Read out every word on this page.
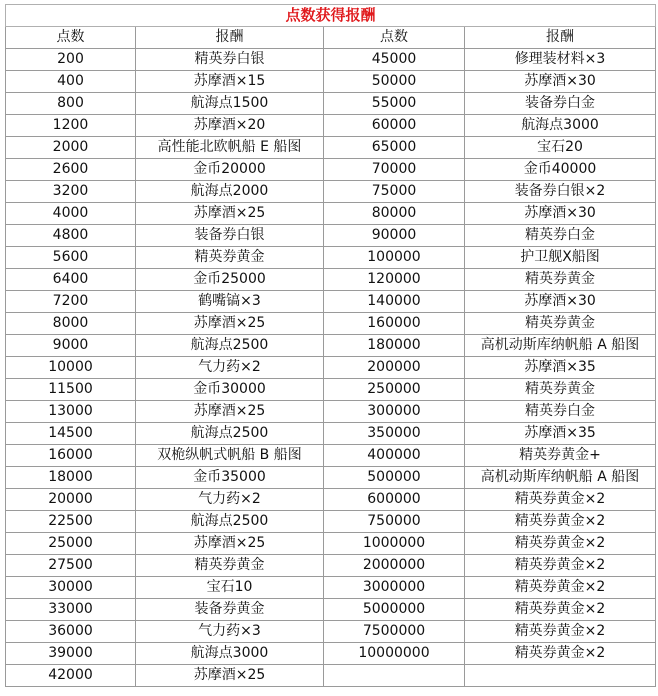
点数获得报酬			
点数	报酬	点数	报酬
200	精英券白银	45000	修理装材料×3
400	苏摩酒×15	50000	苏摩酒×30
800	航海点1500	55000	装备券白金
1200	苏摩酒×20	60000	航海点3000
2000	高性能北欧帆船 E 船图	65000	宝石20
2600	金币20000	70000	金币40000
3200	航海点2000	75000	装备券白银×2
4000	苏摩酒×25	80000	苏摩酒×30
4800	装备券白银	90000	精英券白金
5600	精英券黄金	100000	护卫舰X船图
6400	金币25000	120000	精英券黄金
7200	鹤嘴镐×3	140000	苏摩酒×30
8000	苏摩酒×25	160000	精英券黄金
9000	航海点2500	180000	高机动斯库纳帆船 A 船图
10000	气力药×2	200000	苏摩酒×35
11500	金币30000	250000	精英券黄金
13000	苏摩酒×25	300000	精英券白金
14500	航海点2500	350000	苏摩酒×35
16000	双桅纵帆式帆船 B 船图	400000	精英券黄金+
18000	金币35000	500000	高机动斯库纳帆船 A 船图
20000	气力药×2	600000	精英券黄金×2
22500	航海点2500	750000	精英券黄金×2
25000	苏摩酒×25	1000000	精英券黄金×2
27500	精英券黄金	2000000	精英券黄金×2
30000	宝石10	3000000	精英券黄金×2
33000	装备券黄金	5000000	精英券黄金×2
36000	气力药×3	7500000	精英券黄金×2
39000	航海点3000	10000000	精英券黄金×2
42000	苏摩酒×25		
